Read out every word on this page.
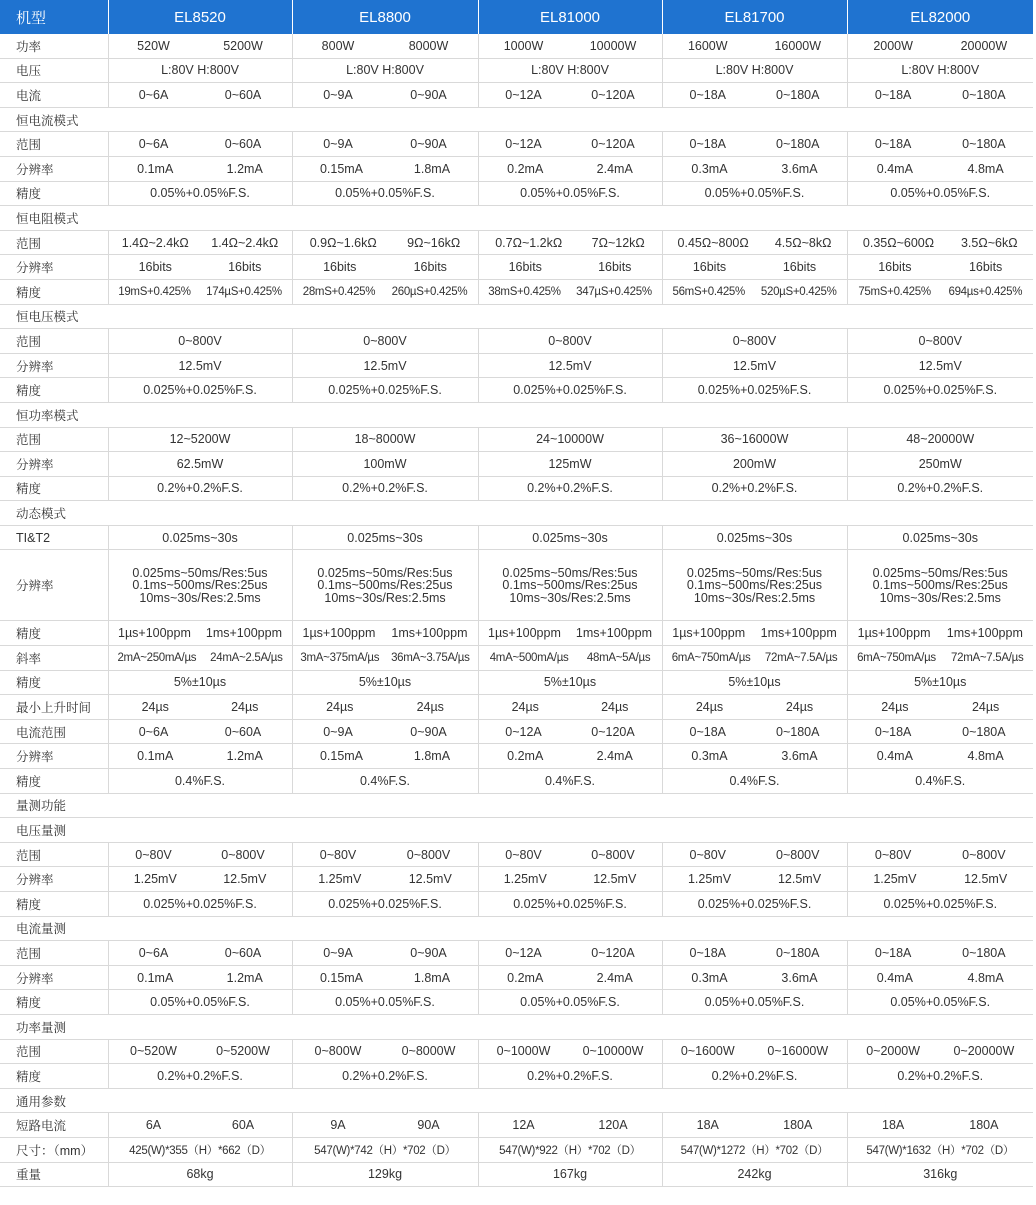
机型	EL8520	EL8800	EL81000	EL81700	EL82000
功率	520W 5200W	800W 8000W	1000W 10000W	1600W 16000W	2000W 20000W

电压	L:80V H:800V	L:80V H:800V	L:80V H:800V	L:80V H:800V	L:80V H:800V

电流	0~6A 0~60A	0~9A 0~90A	0~12A 0~120A	0~18A 0~180A	0~18A 0~180A

恒电流模式					
范围	0~6A 0~60A	0~9A 0~90A	0~12A 0~120A	0~18A 0~180A	0~18A 0~180A

分辨率	0.1mA 1.2mA	0.15mA 1.8mA	0.2mA 2.4mA	0.3mA 3.6mA	0.4mA 4.8mA

精度	0.05%+0.05%F.S.	0.05%+0.05%F.S.	0.05%+0.05%F.S.	0.05%+0.05%F.S.	0.05%+0.05%F.S.

恒电阻模式					
范围	1.4Ω~2.4kΩ 1.4Ω~2.4kΩ	0.9Ω~1.6kΩ 9Ω~16kΩ	0.7Ω~1.2kΩ 7Ω~12kΩ	0.45Ω~800Ω 4.5Ω~8kΩ	0.35Ω~600Ω 3.5Ω~6kΩ

分辨率	16bits 16bits	16bits 16bits	16bits 16bits	16bits 16bits	16bits 16bits

精度	19mS+0.425% 174µS+0.425%	28mS+0.425% 260µS+0.425%	38mS+0.425% 347µS+0.425%	56mS+0.425% 520µS+0.425%	75mS+0.425% 694µs+0.425%

恒电压模式					
范围	0~800V	0~800V	0~800V	0~800V	0~800V

分辨率	12.5mV	12.5mV	12.5mV	12.5mV	12.5mV

精度	0.025%+0.025%F.S.	0.025%+0.025%F.S.	0.025%+0.025%F.S.	0.025%+0.025%F.S.	0.025%+0.025%F.S.

恒功率模式					
范围	12~5200W	18~8000W	24~10000W	36~16000W	48~20000W

分辨率	62.5mW	100mW	125mW	200mW	250mW

精度	0.2%+0.2%F.S.	0.2%+0.2%F.S.	0.2%+0.2%F.S.	0.2%+0.2%F.S.	0.2%+0.2%F.S.

动态模式					
TI&T2	0.025ms~30s	0.025ms~30s	0.025ms~30s	0.025ms~30s	0.025ms~30s

分辨率	0.025ms~50ms/Res:5us
0.1ms~500ms/Res:25us
10ms~30s/Res:2.5ms	0.025ms~50ms/Res:5us
0.1ms~500ms/Res:25us
10ms~30s/Res:2.5ms	0.025ms~50ms/Res:5us
0.1ms~500ms/Res:25us
10ms~30s/Res:2.5ms	0.025ms~50ms/Res:5us
0.1ms~500ms/Res:25us
10ms~30s/Res:2.5ms	0.025ms~50ms/Res:5us
0.1ms~500ms/Res:25us
10ms~30s/Res:2.5ms

精度	1µs+100ppm 1ms+100ppm	1µs+100ppm 1ms+100ppm	1µs+100ppm 1ms+100ppm	1µs+100ppm 1ms+100ppm	1µs+100ppm 1ms+100ppm

斜率	2mA~250mA/µs 24mA~2.5A/µs	3mA~375mA/µs 36mA~3.75A/µs	4mA~500mA/µs 48mA~5A/µs	6mA~750mA/µs 72mA~7.5A/µs	6mA~750mA/µs 72mA~7.5A/µs

精度	5%±10µs	5%±10µs	5%±10µs	5%±10µs	5%±10µs

最小上升时间	24µs 24µs	24µs 24µs	24µs 24µs	24µs 24µs	24µs 24µs

电流范围	0~6A 0~60A	0~9A 0~90A	0~12A 0~120A	0~18A 0~180A	0~18A 0~180A

分辨率	0.1mA 1.2mA	0.15mA 1.8mA	0.2mA 2.4mA	0.3mA 3.6mA	0.4mA 4.8mA

精度	0.4%F.S.	0.4%F.S.	0.4%F.S.	0.4%F.S.	0.4%F.S.

量测功能					
电压量测					
范围	0~80V 0~800V	0~80V 0~800V	0~80V 0~800V	0~80V 0~800V	0~80V 0~800V

分辨率	1.25mV 12.5mV	1.25mV 12.5mV	1.25mV 12.5mV	1.25mV 12.5mV	1.25mV 12.5mV

精度	0.025%+0.025%F.S.	0.025%+0.025%F.S.	0.025%+0.025%F.S.	0.025%+0.025%F.S.	0.025%+0.025%F.S.

电流量测					
范围	0~6A 0~60A	0~9A 0~90A	0~12A 0~120A	0~18A 0~180A	0~18A 0~180A

分辨率	0.1mA 1.2mA	0.15mA 1.8mA	0.2mA 2.4mA	0.3mA 3.6mA	0.4mA 4.8mA

精度	0.05%+0.05%F.S.	0.05%+0.05%F.S.	0.05%+0.05%F.S.	0.05%+0.05%F.S.	0.05%+0.05%F.S.

功率量测					
范围	0~520W 0~5200W	0~800W 0~8000W	0~1000W 0~10000W	0~1600W 0~16000W	0~2000W 0~20000W

精度	0.2%+0.2%F.S.	0.2%+0.2%F.S.	0.2%+0.2%F.S.	0.2%+0.2%F.S.	0.2%+0.2%F.S.

通用参数					
短路电流	6A 60A	9A 90A	12A 120A	18A 180A	18A 180A

尺寸：（mm）	425(W)*355（H）*662（D）	547(W)*742（H）*702（D）	547(W)*922（H）*702（D）	547(W)*1272（H）*702（D）	547(W)*1632（H）*702（D）

重量	68kg	129kg	167kg	242kg	316kg
